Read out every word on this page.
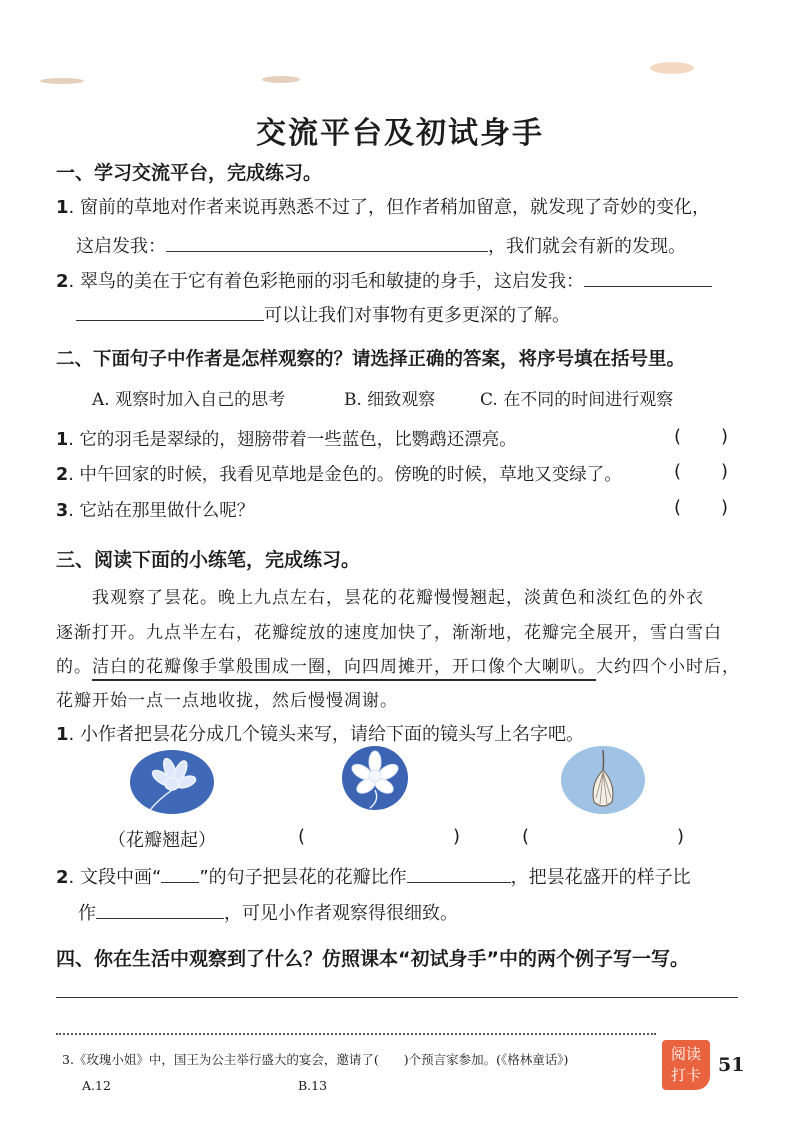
交流平台及初试身手
一、学习交流平台，完成练习。
1. 窗前的草地对作者来说再熟悉不过了，但作者稍加留意，就发现了奇妙的变化，
这启发我：	，我们就会有新的发现。
2. 翠鸟的美在于它有着色彩艳丽的羽毛和敏捷的身手，这启发我：
可以让我们对事物有更多更深的了解。
二、下面句子中作者是怎样观察的？请选择正确的答案，将序号填在括号里。
A. 观察时加入自己的思考	B. 细致观察	C. 在不同的时间进行观察
1. 它的羽毛是翠绿的，翅膀带着一些蓝色，比鹦鹉还漂亮。	( )
2. 中午回家的时候，我看见草地是金色的。傍晚的时候，草地又变绿了。	( )
3. 它站在那里做什么呢？	( )
三、阅读下面的小练笔，完成练习。
我观察了昙花。晚上九点左右，昙花的花瓣慢慢翘起，淡黄色和淡红色的外衣
逐渐打开。九点半左右，花瓣绽放的速度加快了，渐渐地，花瓣完全展开，雪白雪白
的。洁白的花瓣像手掌般围成一圈，向四周摊开，开口像个大喇叭。大约四个小时后，
花瓣开始一点一点地收拢，然后慢慢凋谢。
1. 小作者把昙花分成几个镜头来写，请给下面的镜头写上名字吧。
（花瓣翘起）	(	)	(	)
2. 文段中画“ ”的句子把昙花的花瓣比作	，把昙花盛开的样子比
作	，可见小作者观察得很细致。
四、你在生活中观察到了什么？仿照课本“初试身手”中的两个例子写一写。
3.《玫瑰小姐》中，国王为公主举行盛大的宴会，邀请了(　　)个预言家参加。(《格林童话》)
A.12	B.13
阅读
打卡 51
